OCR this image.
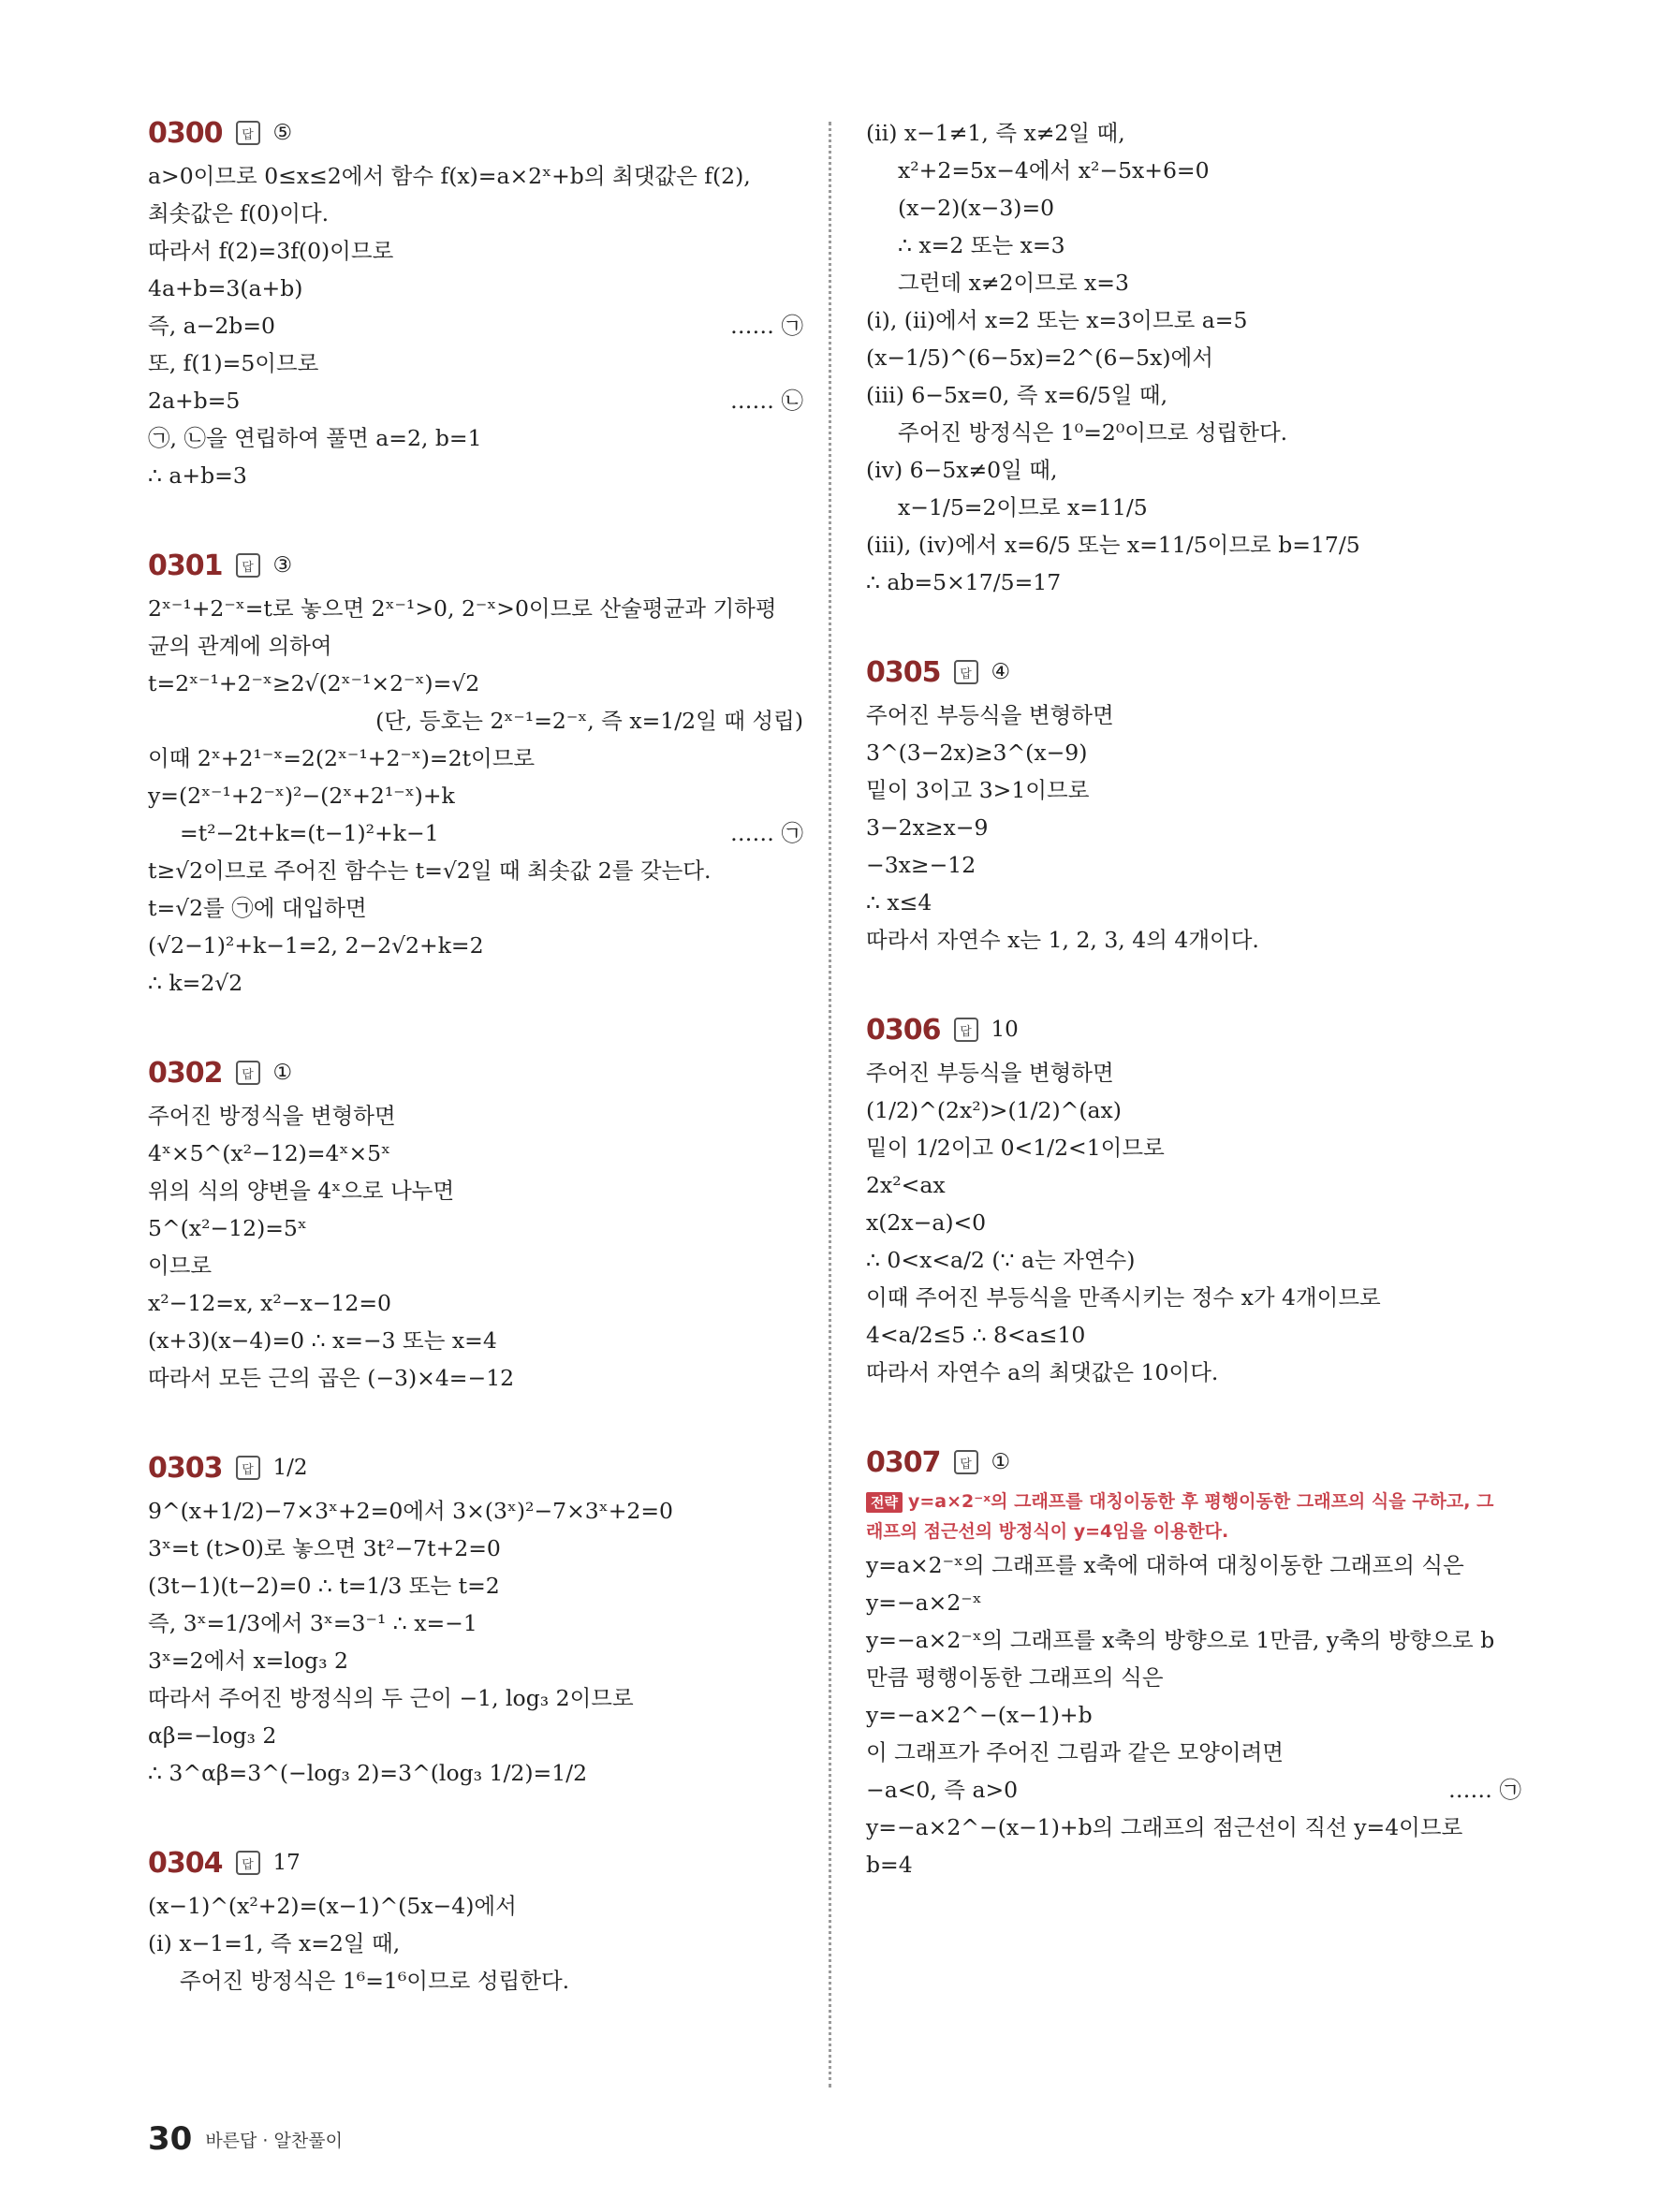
0300	답 ⑤
a>0이므로 0≤x≤2에서 함수 f(x)=a×2ˣ+b의 최댓값은 f(2),
최솟값은 f(0)이다.
따라서 f(2)=3f(0)이므로
4a+b=3(a+b)
즉, a−2b=0	…… ㉠
또, f(1)=5이므로
2a+b=5	…… ㉡
㉠, ㉡을 연립하여 풀면 a=2, b=1
∴ a+b=3
0301	답 ③
2ˣ⁻¹+2⁻ˣ=t로 놓으면 2ˣ⁻¹>0, 2⁻ˣ>0이므로 산술평균과 기하평
균의 관계에 의하여
t=2ˣ⁻¹+2⁻ˣ≥2√(2ˣ⁻¹×2⁻ˣ)=√2
(단, 등호는 2ˣ⁻¹=2⁻ˣ, 즉 x=1/2일 때 성립)
이때 2ˣ+2¹⁻ˣ=2(2ˣ⁻¹+2⁻ˣ)=2t이므로
y=(2ˣ⁻¹+2⁻ˣ)²−(2ˣ+2¹⁻ˣ)+k
=t²−2t+k=(t−1)²+k−1	…… ㉠
t≥√2이므로 주어진 함수는 t=√2일 때 최솟값 2를 갖는다.
t=√2를 ㉠에 대입하면
(√2−1)²+k−1=2, 2−2√2+k=2
∴ k=2√2
0302	답 ①
주어진 방정식을 변형하면
4ˣ×5^(x²−12)=4ˣ×5ˣ
위의 식의 양변을 4ˣ으로 나누면
5^(x²−12)=5ˣ
이므로
x²−12=x, x²−x−12=0
(x+3)(x−4)=0 ∴ x=−3 또는 x=4
따라서 모든 근의 곱은 (−3)×4=−12
0303	답 1/2
9^(x+1/2)−7×3ˣ+2=0에서 3×(3ˣ)²−7×3ˣ+2=0
3ˣ=t (t>0)로 놓으면 3t²−7t+2=0
(3t−1)(t−2)=0 ∴ t=1/3 또는 t=2
즉, 3ˣ=1/3에서 3ˣ=3⁻¹ ∴ x=−1
3ˣ=2에서 x=log₃ 2
따라서 주어진 방정식의 두 근이 −1, log₃ 2이므로
αβ=−log₃ 2
∴ 3^αβ=3^(−log₃ 2)=3^(log₃ 1/2)=1/2
0304	답 17
(x−1)^(x²+2)=(x−1)^(5x−4)에서
(ⅰ) x−1=1, 즉 x=2일 때,
주어진 방정식은 1⁶=1⁶이므로 성립한다.
(ⅱ) x−1≠1, 즉 x≠2일 때,
x²+2=5x−4에서 x²−5x+6=0
(x−2)(x−3)=0
∴ x=2 또는 x=3
그런데 x≠2이므로 x=3
(ⅰ), (ⅱ)에서 x=2 또는 x=3이므로 a=5
(x−1/5)^(6−5x)=2^(6−5x)에서
(ⅲ) 6−5x=0, 즉 x=6/5일 때,
주어진 방정식은 1⁰=2⁰이므로 성립한다.
(ⅳ) 6−5x≠0일 때,
x−1/5=2이므로 x=11/5
(ⅲ), (ⅳ)에서 x=6/5 또는 x=11/5이므로 b=17/5
∴ ab=5×17/5=17
0305	답 ④
주어진 부등식을 변형하면
3^(3−2x)≥3^(x−9)
밑이 3이고 3>1이므로
3−2x≥x−9
−3x≥−12
∴ x≤4
따라서 자연수 x는 1, 2, 3, 4의 4개이다.
0306	답 10
주어진 부등식을 변형하면
(1/2)^(2x²)>(1/2)^(ax)
밑이 1/2이고 0<1/2<1이므로
2x²<ax
x(2x−a)<0
∴ 0<x<a/2 (∵ a는 자연수)
이때 주어진 부등식을 만족시키는 정수 x가 4개이므로
4<a/2≤5 ∴ 8<a≤10
따라서 자연수 a의 최댓값은 10이다.
0307	답 ①
전략 y=a×2⁻ˣ의 그래프를 대칭이동한 후 평행이동한 그래프의 식을 구하고, 그
래프의 점근선의 방정식이 y=4임을 이용한다.
y=a×2⁻ˣ의 그래프를 x축에 대하여 대칭이동한 그래프의 식은
y=−a×2⁻ˣ
y=−a×2⁻ˣ의 그래프를 x축의 방향으로 1만큼, y축의 방향으로 b
만큼 평행이동한 그래프의 식은
y=−a×2^−(x−1)+b
이 그래프가 주어진 그림과 같은 모양이려면
−a<0, 즉 a>0	…… ㉠
y=−a×2^−(x−1)+b의 그래프의 점근선이 직선 y=4이므로
b=4
30 바른답 · 알찬풀이
